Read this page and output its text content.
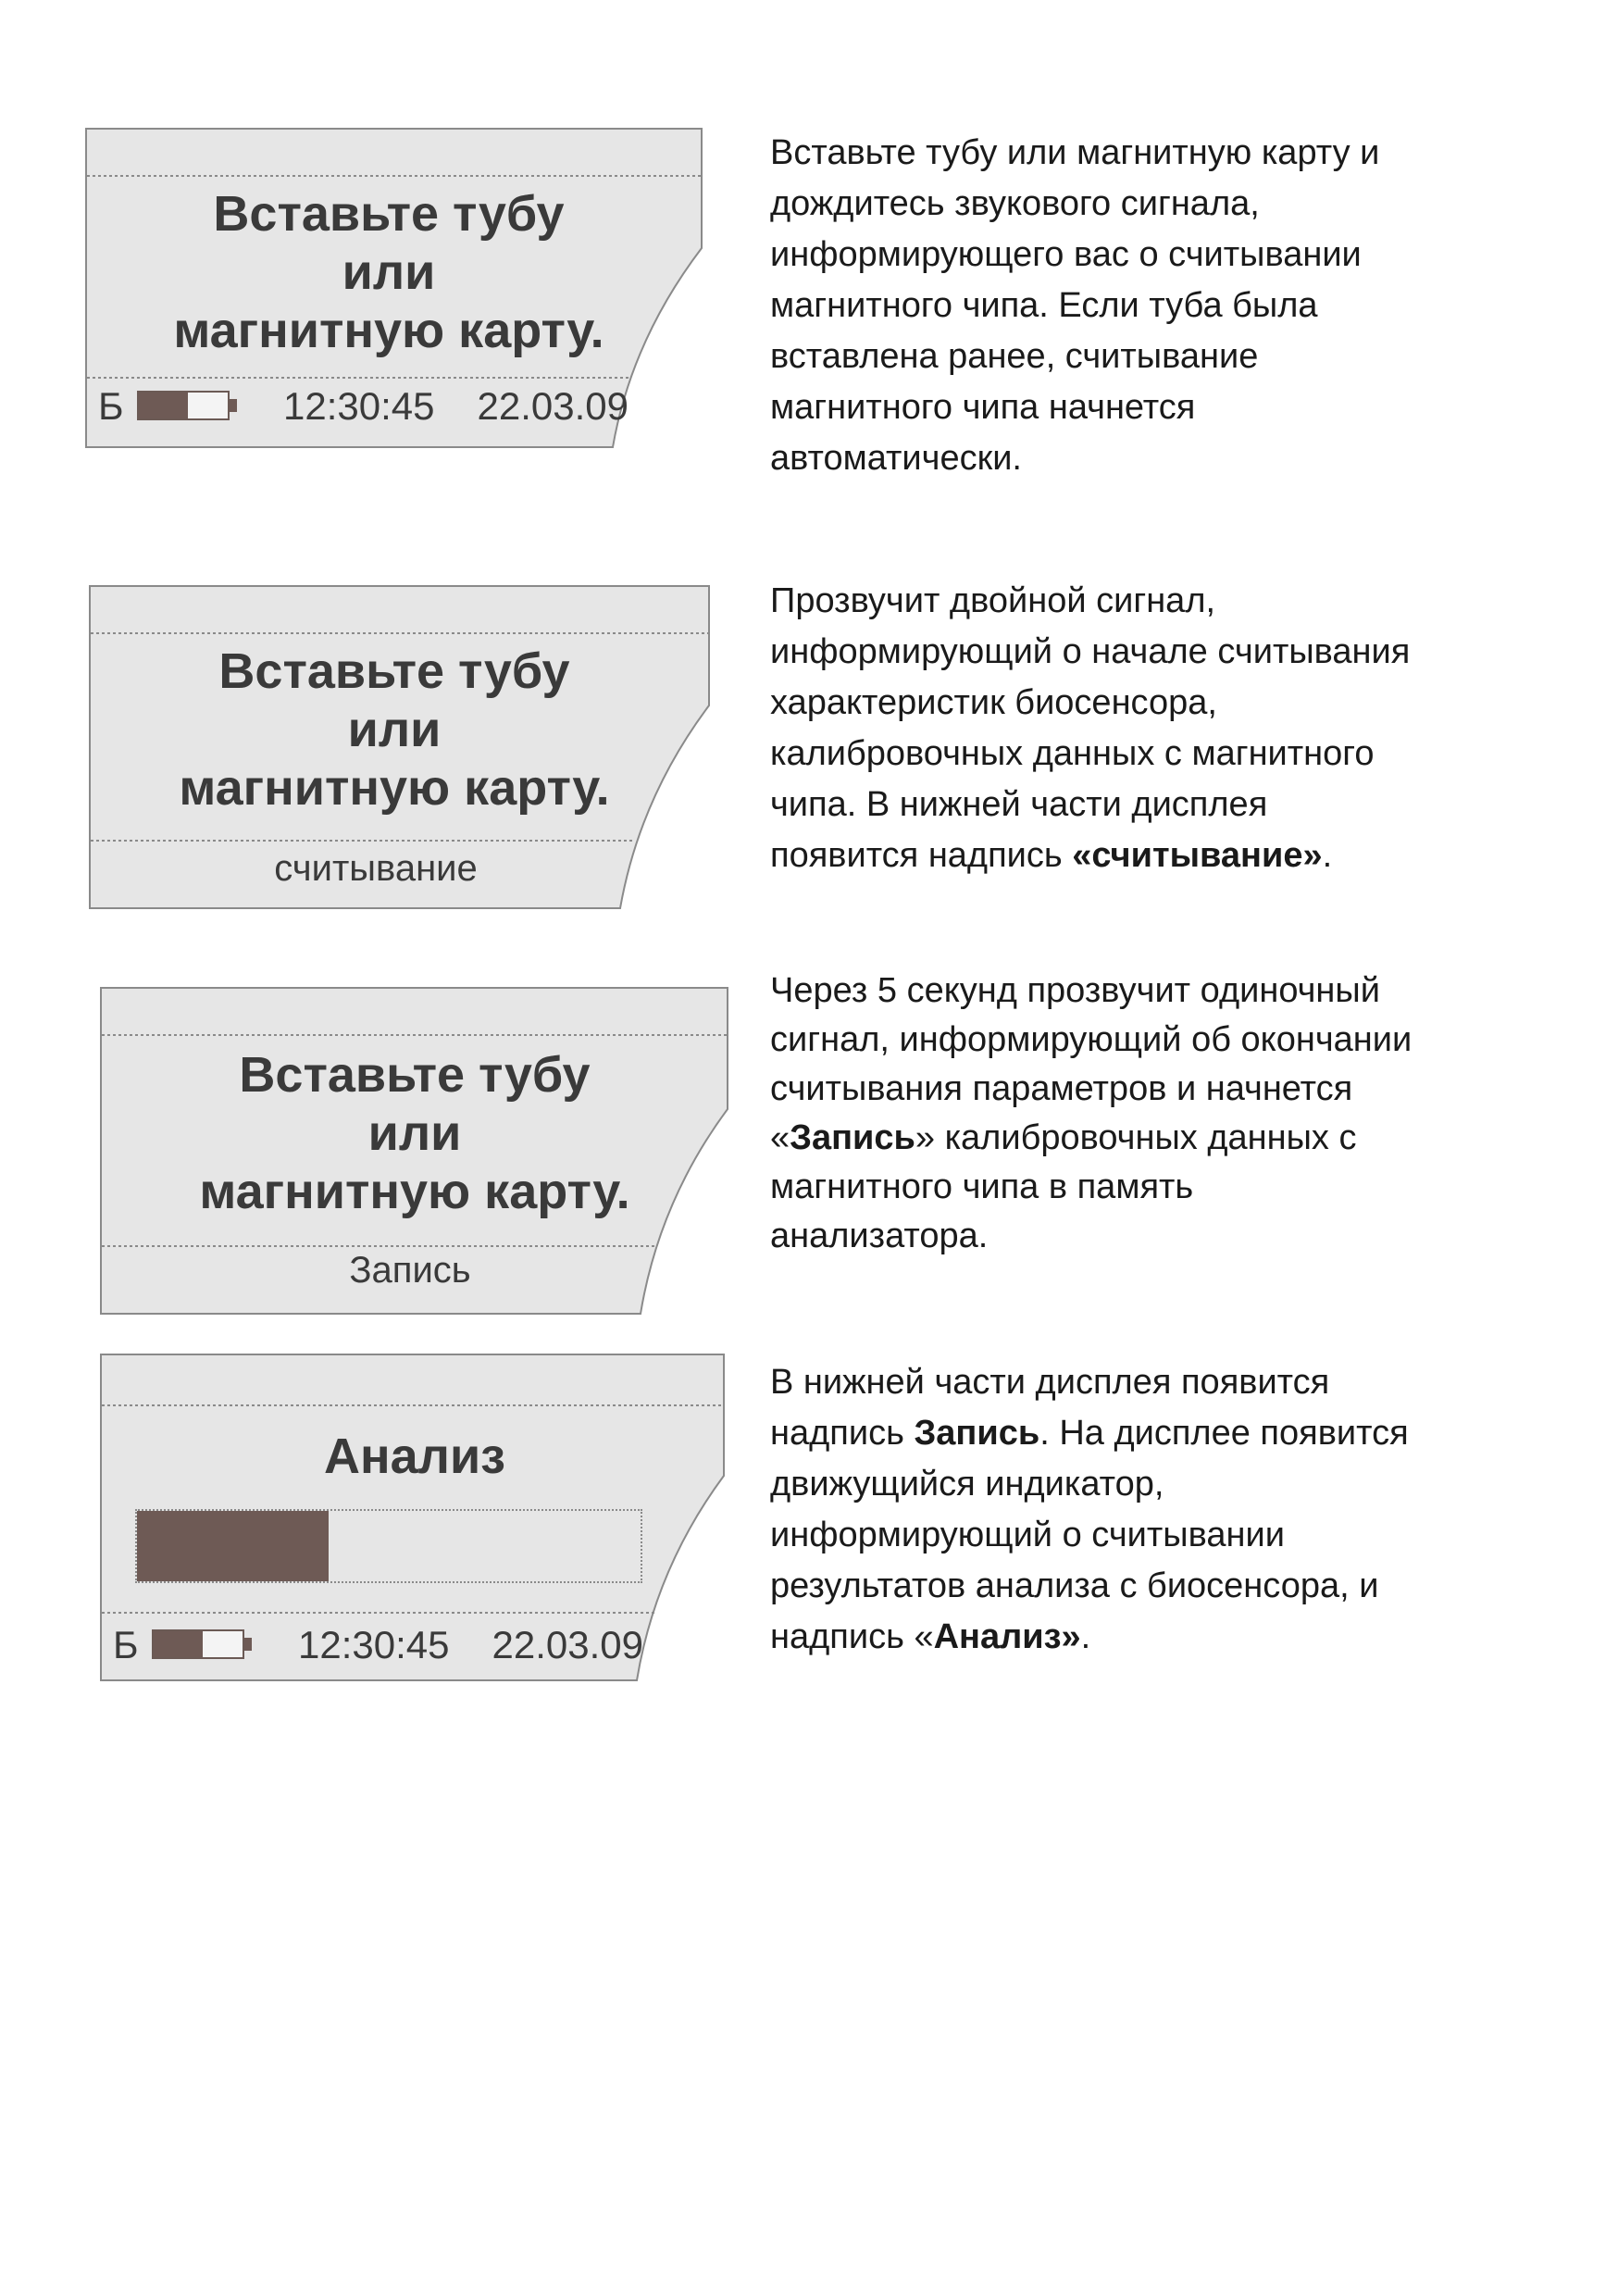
Вставьте тубу
или
магнитную карту.
Б	12:30:45 22.03.09
Вставьте тубу
или
магнитную карту.
считывание
Вставьте тубу
или
магнитную карту.
Запись
Анализ
Б	12:30:45 22.03.09
Вставьте тубу или магнитную карту и
дождитесь звукового сигнала,
информирующего вас о считывании
магнитного чипа. Если туба была
вставлена ранее, считывание
магнитного чипа начнется
автоматически.
Прозвучит двойной сигнал,
информирующий о начале считывания
характеристик биосенсора,
калибровочных данных с магнитного
чипа. В нижней части дисплея
появится надпись «считывание».
Через 5 секунд прозвучит одиночный
сигнал, информирующий об окончании
считывания параметров и начнется
«Запись» калибровочных данных с
магнитного чипа в память
анализатора.
В нижней части дисплея появится
надпись Запись. На дисплее появится
движущийся индикатор,
информирующий о считывании
результатов анализа с биосенсора, и
надпись «Анализ».
